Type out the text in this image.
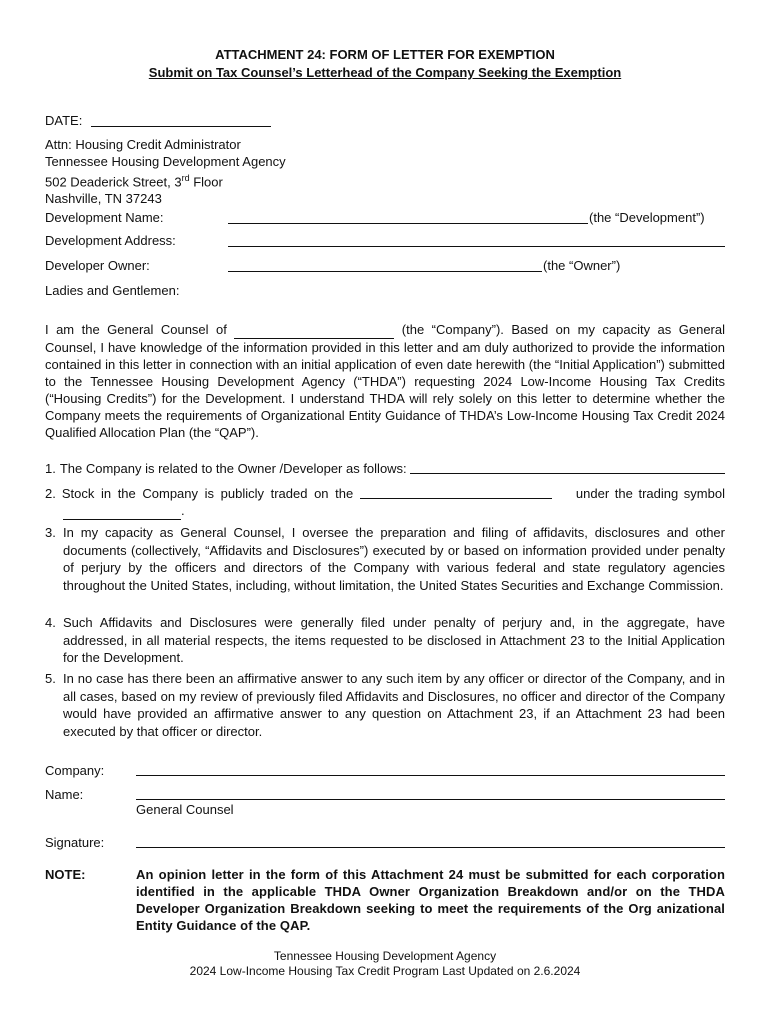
ATTACHMENT 24: FORM OF LETTER FOR EXEMPTION
Submit on Tax Counsel’s Letterhead of the Company Seeking the Exemption
DATE:
Attn: Housing Credit Administrator
Tennessee Housing Development Agency
502 Deaderick Street, 3rd Floor
Nashville, TN 37243
Development Name:	(the “Development”)
Development Address:
Developer Owner:	(the “Owner”)
Ladies and Gentlemen:
I am the General Counsel of	(the “Company”). Based on my capacity as General Counsel, I have knowledge of the information provided in this letter and am duly authorized to provide the information contained in this letter in connection with an initial application of even date herewith (the “Initial Application”) submitted to the Tennessee Housing Development Agency (“THDA”) requesting 2024 Low-Income Housing Tax Credits (“Housing Credits”) for the Development. I understand THDA will rely solely on this letter to determine whether the Company meets the requirements of Organizational Entity Guidance of THDA’s Low-Income Housing Tax Credit 2024 Qualified Allocation Plan (the “QAP”).
1. The Company is related to the Owner /Developer as follows:
2. Stock in the Company is publicly traded on the	under the trading symbol
.
3. In my capacity as General Counsel, I oversee the preparation and filing of affidavits, disclosures and other documents (collectively, “Affidavits and Disclosures”) executed by or based on information provided under penalty of perjury by the officers and directors of the Company with various federal and state regulatory agencies throughout the United States, including, without limitation, the United States Securities and Exchange Commission.
4. Such Affidavits and Disclosures were generally filed under penalty of perjury and, in the aggregate, have addressed, in all material respects, the items requested to be disclosed in Attachment 23 to the Initial Application for the Development.
5. In no case has there been an affirmative answer to any such item by any officer or director of the Company, and in all cases, based on my review of previously filed Affidavits and Disclosures, no officer and director of the Company would have provided an affirmative answer to any question on Attachment 23, if an Attachment 23 had been executed by that officer or director.
Company:
Name:
General Counsel
Signature:
NOTE:	An opinion letter in the form of this Attachment 24 must be submitted for each corporation identified in the applicable THDA Owner Organization Breakdown and/or on the THDA Developer Organization Breakdown seeking to meet the requirements of the Org anizational Entity Guidance of the QAP.
Tennessee Housing Development Agency
2024 Low-Income Housing Tax Credit Program Last Updated on 2.6.2024
